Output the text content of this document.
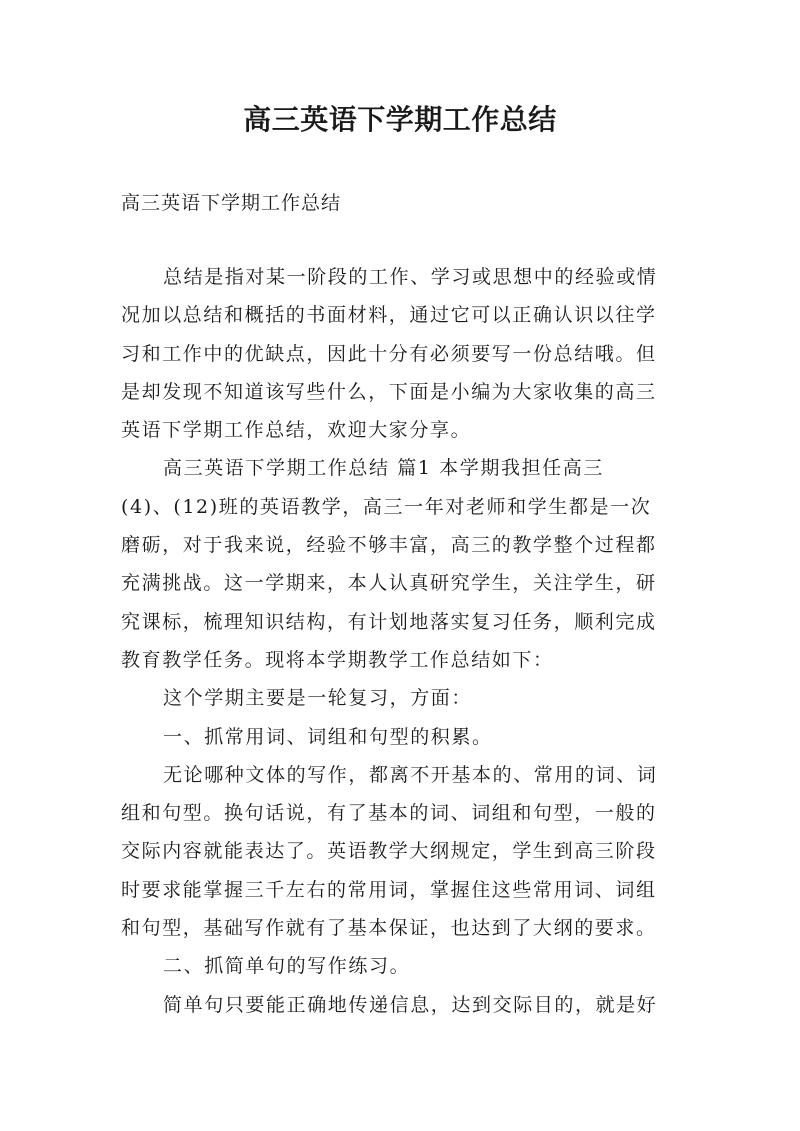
高三英语下学期工作总结
高三英语下学期工作总结
总结是指对某一阶段的工作、学习或思想中的经验或情
况加以总结和概括的书面材料，通过它可以正确认识以往学
习和工作中的优缺点，因此十分有必须要写一份总结哦。但
是却发现不知道该写些什么，下面是小编为大家收集的高三
英语下学期工作总结，欢迎大家分享。
高三英语下学期工作总结 篇1 本学期我担任高三
(4)、(12)班的英语教学，高三一年对老师和学生都是一次
磨砺，对于我来说，经验不够丰富，高三的教学整个过程都
充满挑战。这一学期来，本人认真研究学生，关注学生，研
究课标，梳理知识结构，有计划地落实复习任务，顺利完成
教育教学任务。现将本学期教学工作总结如下：
这个学期主要是一轮复习，方面：
一、抓常用词、词组和句型的积累。
无论哪种文体的写作，都离不开基本的、常用的词、词
组和句型。换句话说，有了基本的词、词组和句型，一般的
交际内容就能表达了。英语教学大纲规定，学生到高三阶段
时要求能掌握三千左右的常用词，掌握住这些常用词、词组
和句型，基础写作就有了基本保证，也达到了大纲的要求。
二、抓简单句的写作练习。
简单句只要能正确地传递信息，达到交际目的，就是好
